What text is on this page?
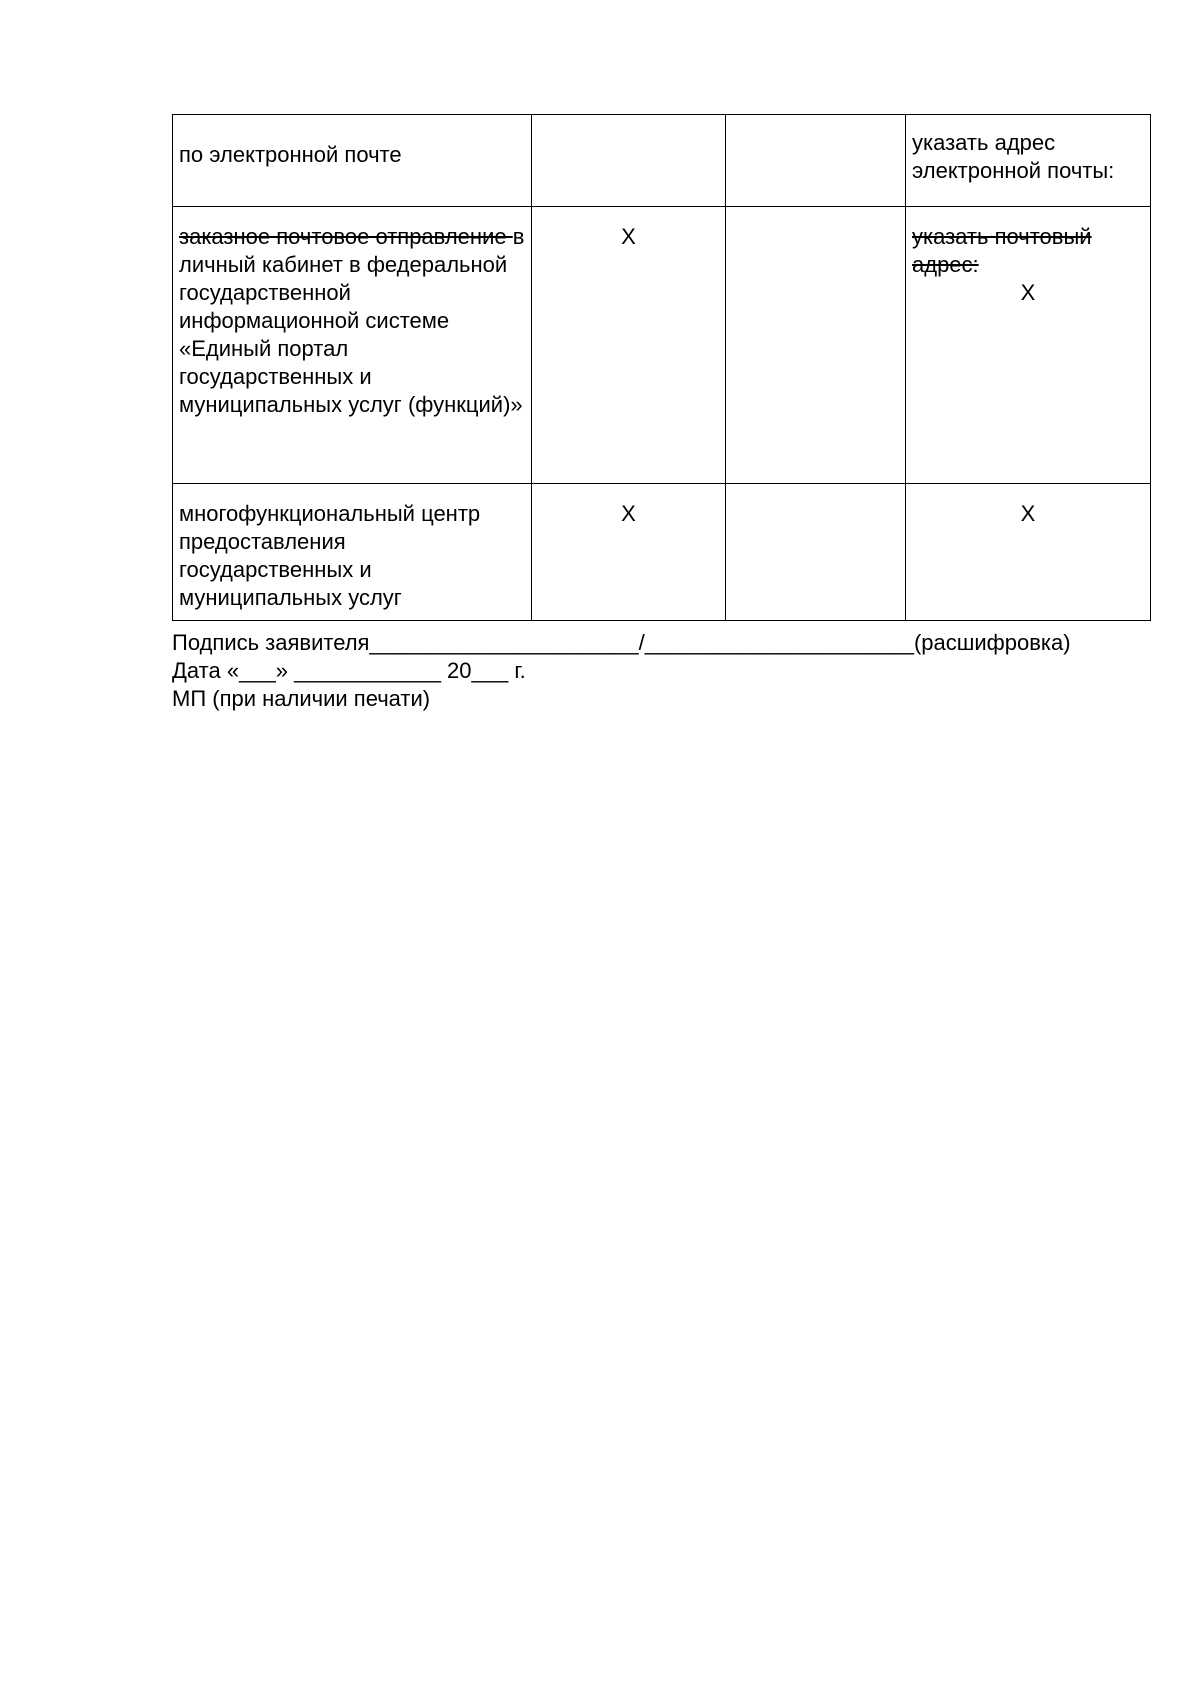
по электронной почте			указать адрес электронной почты:
заказное почтовое отправление в личный кабинет в федеральной государственной информационной системе «Единый портал государственных и муниципальных услуг (функций)»	X		указать почтовый адрес:
X

многофункциональный центр предоставления государственных и муниципальных услуг	X		X
Подпись заявителя______________________/______________________(расшифровка)
Дата «___» ____________ 20___ г.
МП (при наличии печати)
